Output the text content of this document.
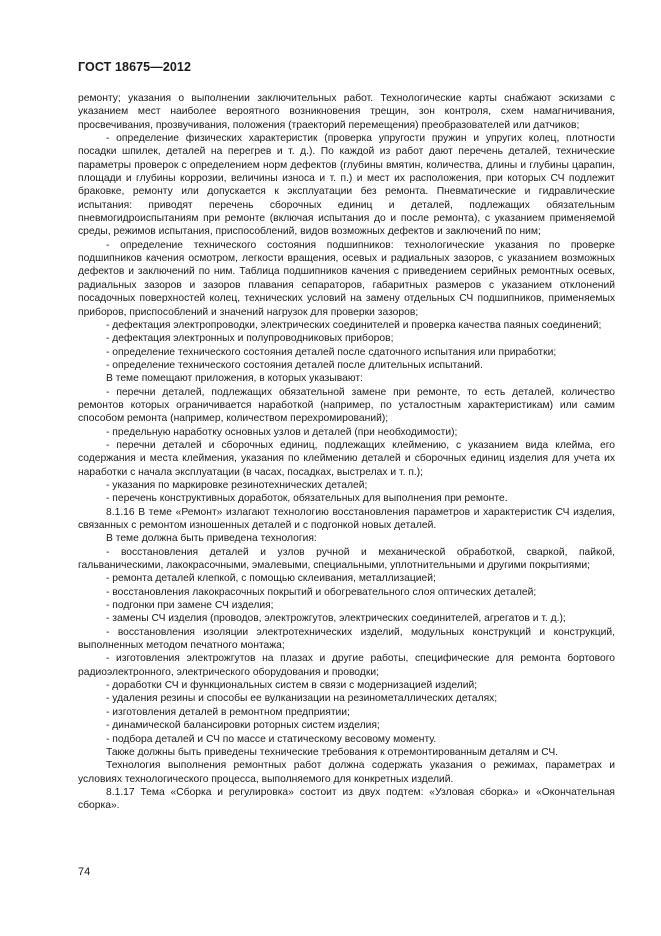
ГОСТ 18675—2012

ремонту; указания о выполнении заключительных работ. Технологические карты снабжают эскизами с указанием мест наиболее вероятного возникновения трещин, зон контроля, схем намагничивания, просвечивания, прозвучивания, положения (траекторий перемещения) преобразователей или датчиков;

- определение физических характеристик (проверка упругости пружин и упругих колец, плотности посадки шпилек, деталей на перегрев и т. д.). По каждой из работ дают перечень деталей, технические параметры проверок с определением норм дефектов (глубины вмятин, количества, длины и глубины царапин, площади и глубины коррозии, величины износа и т. п.) и мест их расположения, при которых СЧ подлежит браковке, ремонту или допускается к эксплуатации без ремонта. Пневматические и гидравлические испытания: приводят перечень сборочных единиц и деталей, подлежащих обязательным пневмогидроиспытаниям при ремонте (включая испытания до и после ремонта), с указанием применяемой среды, режимов испытания, приспособлений, видов возможных дефектов и заключений по ним;

- определение технического состояния подшипников: технологические указания по проверке подшипников качения осмотром, легкости вращения, осевых и радиальных зазоров, с указанием возможных дефектов и заключений по ним. Таблица подшипников качения с приведением серийных ремонтных осевых, радиальных зазоров и зазоров плавания сепараторов, габаритных размеров с указанием отклонений посадочных поверхностей колец, технических условий на замену отдельных СЧ подшипников, применяемых приборов, приспособлений и значений нагрузок для проверки зазоров;

- дефектация электропроводки, электрических соединителей и проверка качества паяных соединений;

- дефектация электронных и полупроводниковых приборов;

- определение технического состояния деталей после сдаточного испытания или приработки;

- определение технического состояния деталей после длительных испытаний.

В теме помещают приложения, в которых указывают:

- перечни деталей, подлежащих обязательной замене при ремонте, то есть деталей, количество ремонтов которых ограничивается наработкой (например, по усталостным характеристикам) или самим способом ремонта (например, количеством перехромирований);

- предельную наработку основных узлов и деталей (при необходимости);

- перечни деталей и сборочных единиц, подлежащих клеймению, с указанием вида клейма, его содержания и места клеймения, указания по клеймению деталей и сборочных единиц изделия для учета их наработки с начала эксплуатации (в часах, посадках, выстрелах и т. п.);

- указания по маркировке резинотехнических деталей;

- перечень конструктивных доработок, обязательных для выполнения при ремонте.

8.1.16 В теме «Ремонт» излагают технологию восстановления параметров и характеристик СЧ изделия, связанных с ремонтом изношенных деталей и с подгонкой новых деталей.

В теме должна быть приведена технология:

- восстановления деталей и узлов ручной и механической обработкой, сваркой, пайкой, гальваническими, лакокрасочными, эмалевыми, специальными, уплотнительными и другими покрытиями;

- ремонта деталей клепкой, с помощью склеивания, металлизацией;

- восстановления лакокрасочных покрытий и обогревательного слоя оптических деталей;

- подгонки при замене СЧ изделия;

- замены СЧ изделия (проводов, электрожгутов, электрических соединителей, агрегатов и т. д.);

- восстановления изоляции электротехнических изделий, модульных конструкций и конструкций, выполненных методом печатного монтажа;

- изготовления электрожгутов на плазах и другие работы, специфические для ремонта бортового радиоэлектронного, электрического оборудования и проводки;

- доработки СЧ и функциональных систем в связи с модернизацией изделий;

- удаления резины и способы ее вулканизации на резинометаллических деталях;

- изготовления деталей в ремонтном предприятии;

- динамической балансировки роторных систем изделия;

- подбора деталей и СЧ по массе и статическому весовому моменту.

Также должны быть приведены технические требования к отремонтированным деталям и СЧ.

Технология выполнения ремонтных работ должна содержать указания о режимах, параметрах и условиях технологического процесса, выполняемого для конкретных изделий.

8.1.17 Тема «Сборка и регулировка» состоит из двух подтем: «Узловая сборка» и «Окончательная сборка».

74
